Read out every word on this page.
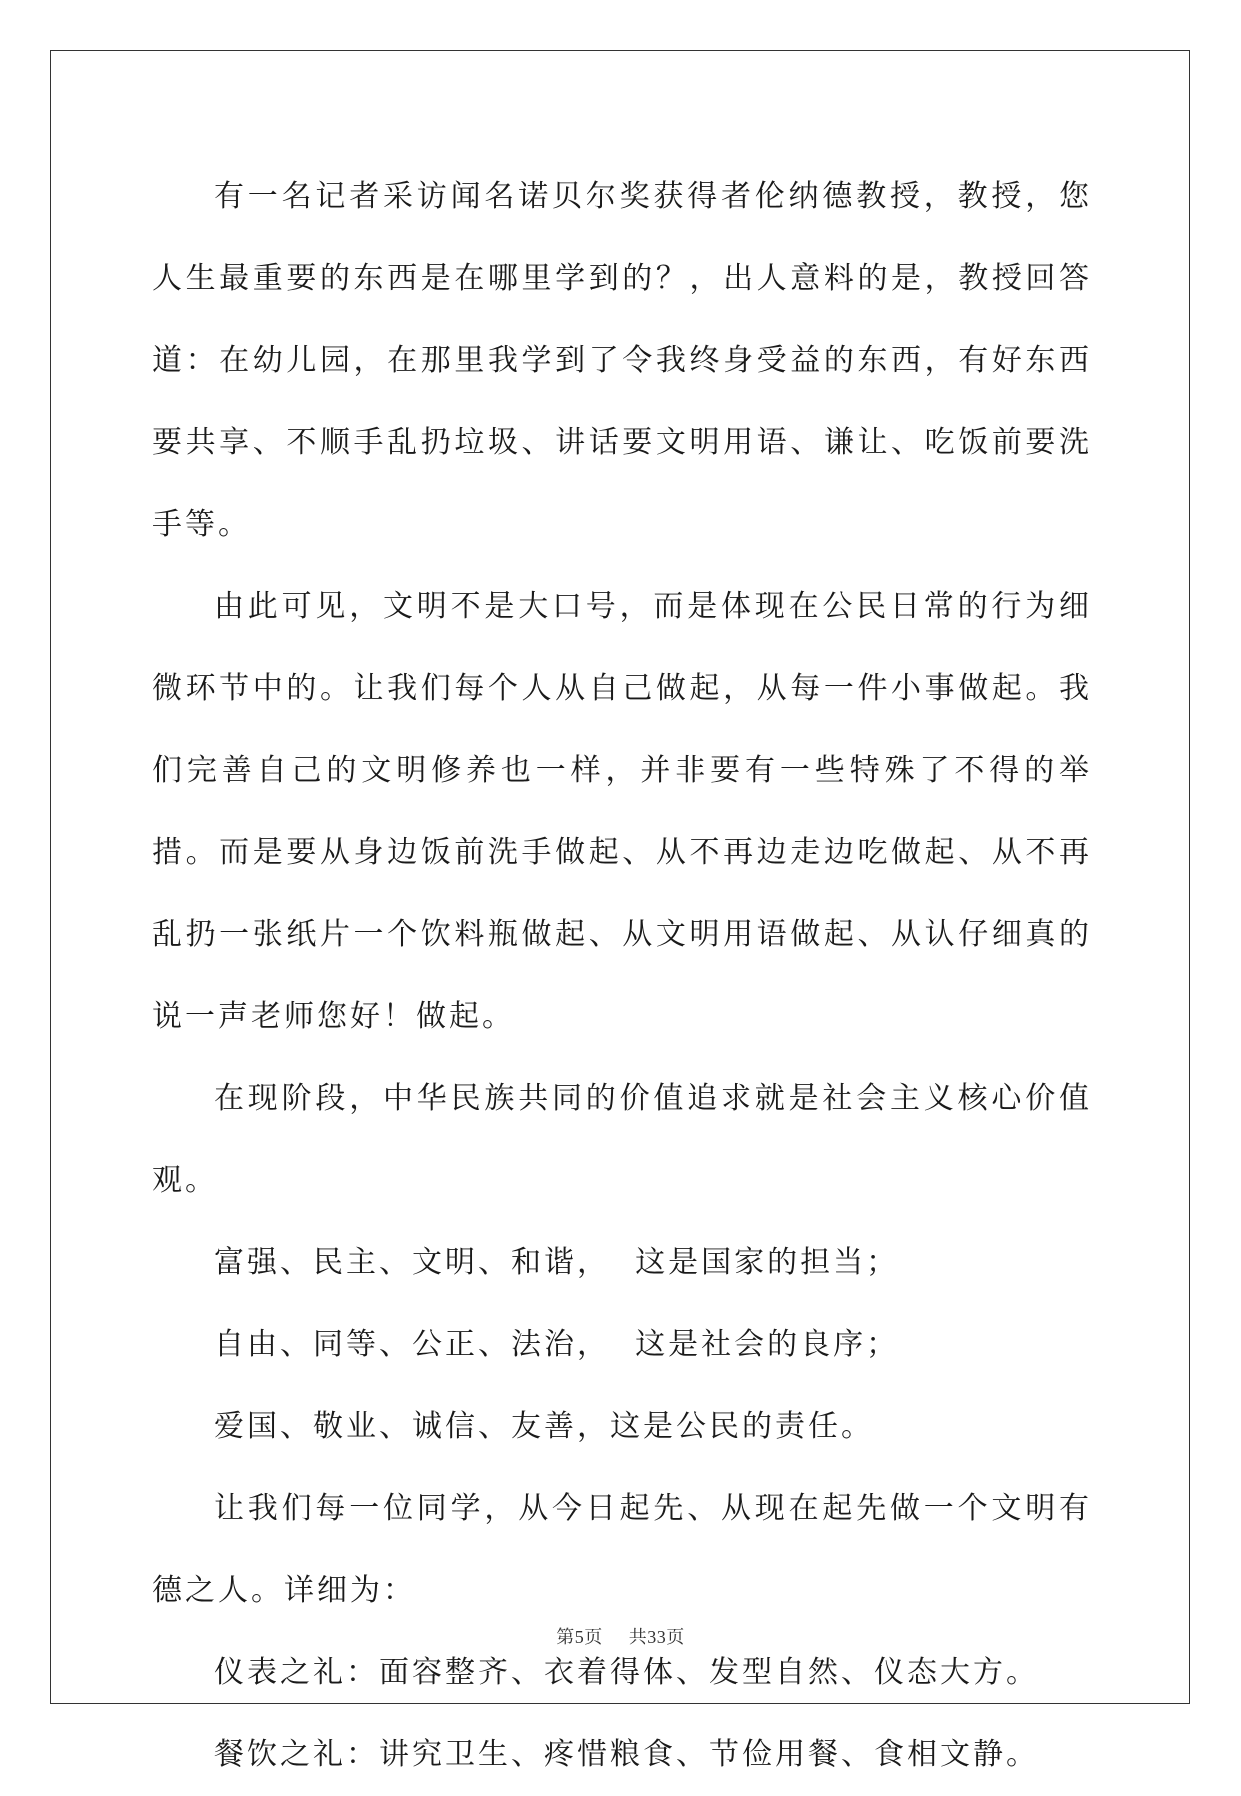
有一名记者采访闻名诺贝尔奖获得者伦纳德教授，教授，您人生最重要的东西是在哪里学到的？，出人意料的是，教授回答道：在幼儿园，在那里我学到了令我终身受益的东西，有好东西要共享、不顺手乱扔垃圾、讲话要文明用语、谦让、吃饭前要洗手等。

由此可见，文明不是大口号，而是体现在公民日常的行为细微环节中的。让我们每个人从自己做起，从每一件小事做起。我们完善自己的文明修养也一样，并非要有一些特殊了不得的举措。而是要从身边饭前洗手做起、从不再边走边吃做起、从不再乱扔一张纸片一个饮料瓶做起、从文明用语做起、从认仔细真的说一声老师您好！做起。

在现阶段，中华民族共同的价值追求就是社会主义核心价值观。

富强、民主、文明、和谐，  这是国家的担当；

自由、同等、公正、法治，  这是社会的良序；

爱国、敬业、诚信、友善，这是公民的责任。

让我们每一位同学，从今日起先、从现在起先做一个文明有德之人。详细为：

仪表之礼：面容整齐、衣着得体、发型自然、仪态大方。

餐饮之礼：讲究卫生、疼惜粮食、节俭用餐、食相文静。

第5页 共33页
